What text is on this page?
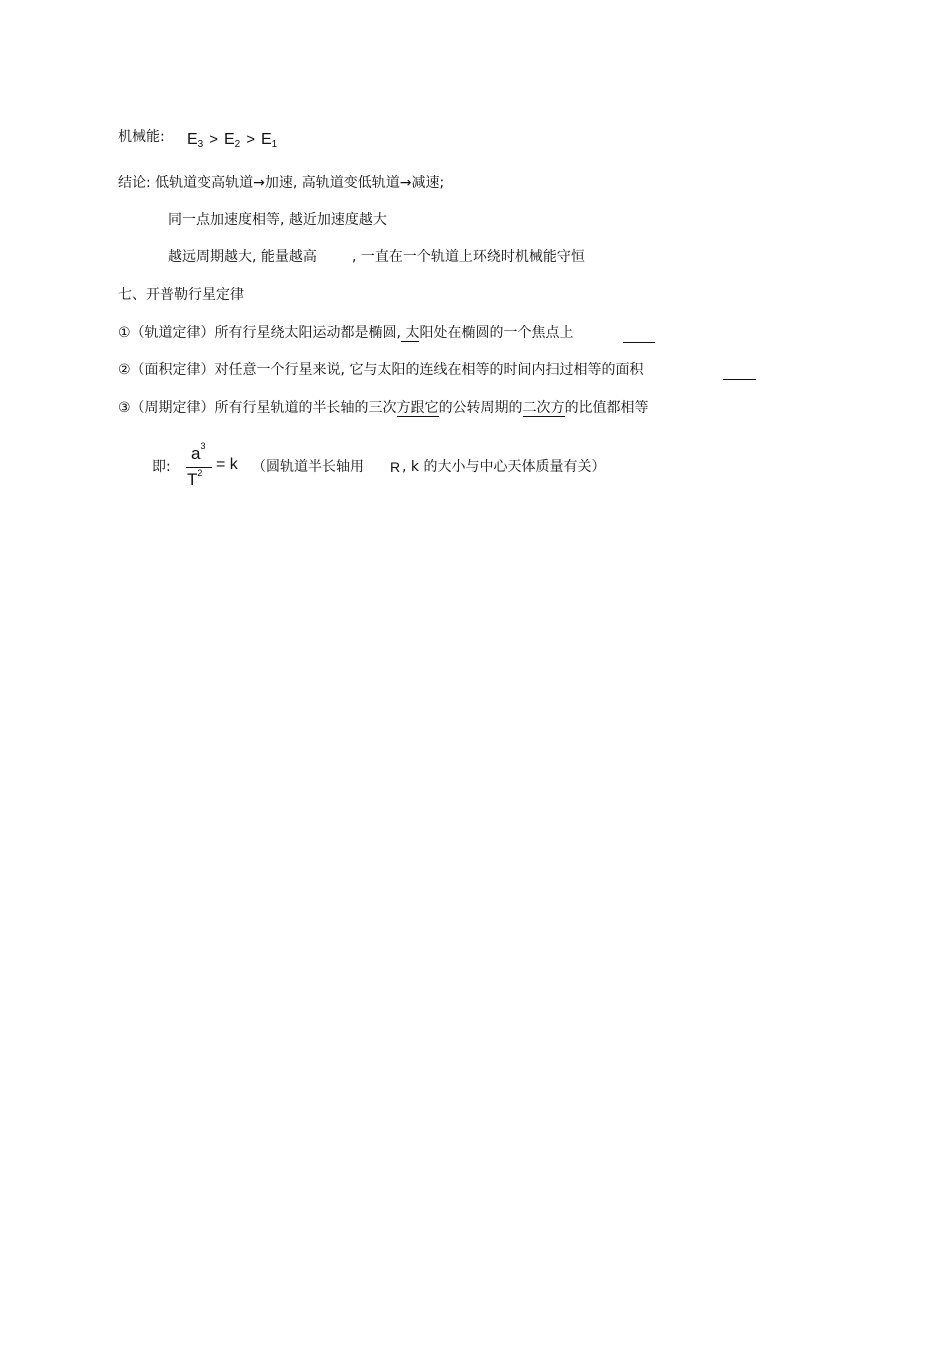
机械能: $E_3 > E_2 > E_1$
结论: 低轨道变高轨道→加速, 高轨道变低轨道→减速;
同一点加速度相等, 越近加速度越大
越远周期越大, 能量越高	, 一直在一个轨道上环绕时机械能守恒
七、开普勒行星定律
①（轨道定律）所有行星绕太阳运动都是椭圆, 太阳处在椭圆的一个焦点上
②（面积定律）对任意一个行星来说, 它与太阳的连线在相等的时间内扫过相等的面积
③（周期定律）所有行星轨道的半长轴的三次方跟它的公转周期的二次方的比值都相等
即:
$a^3$
$T^2 = k$ （圆轨道半长轴用 R , k 的大小与中心天体质量有关）
